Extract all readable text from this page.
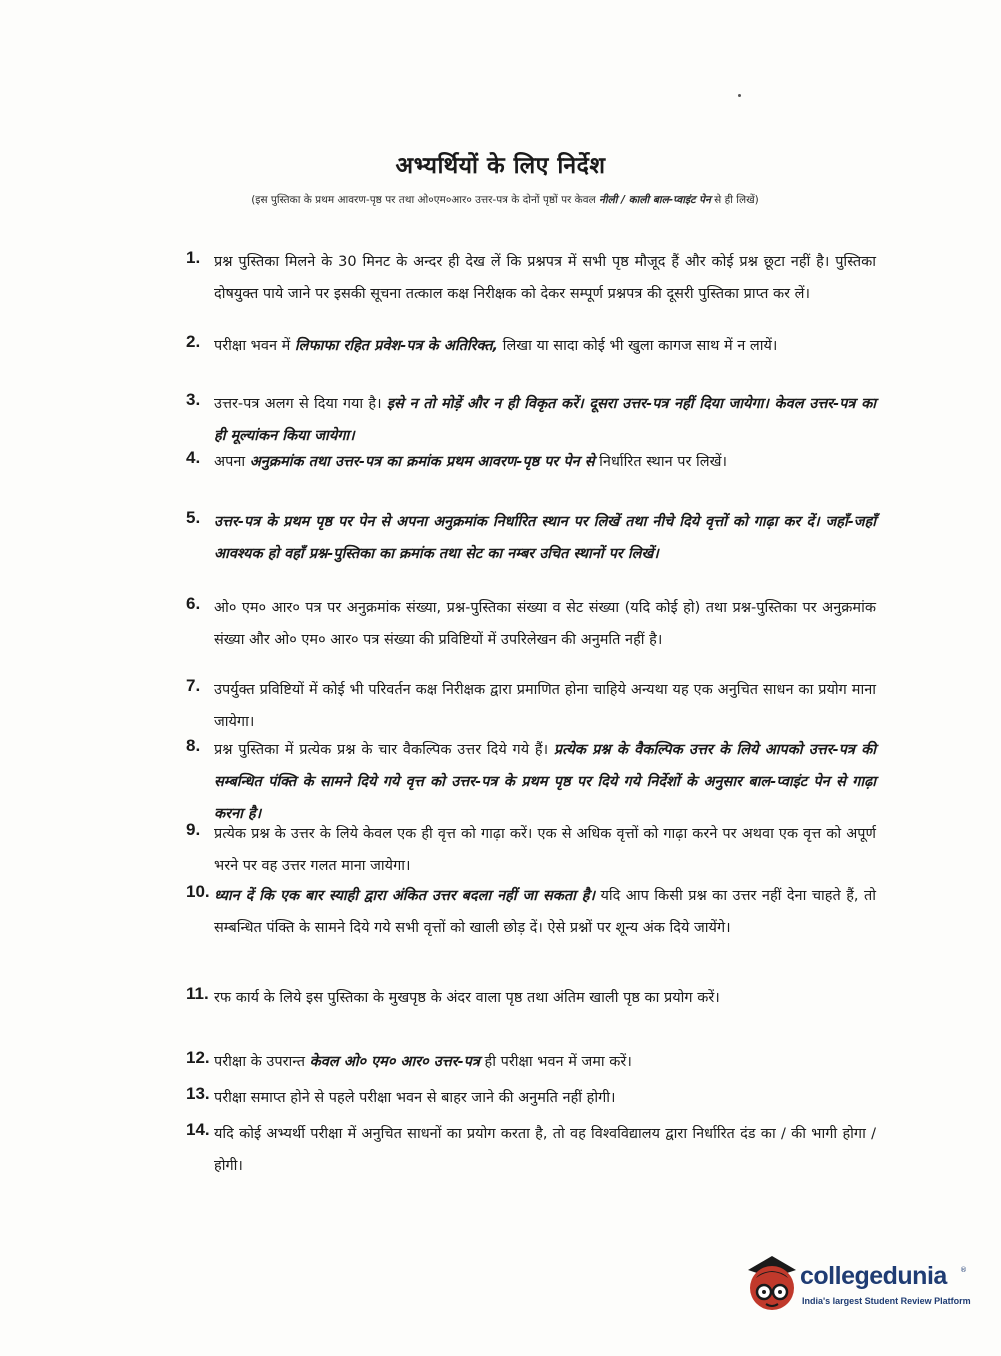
अभ्यर्थियों के लिए निर्देश
(इस पुस्तिका के प्रथम आवरण-पृष्ठ पर तथा ओ०एम०आर० उत्तर-पत्र के दोनों पृष्ठों पर केवल नीली / काली बाल-प्वाइंट पेन से ही लिखें)
1. प्रश्न पुस्तिका मिलने के 30 मिनट के अन्दर ही देख लें कि प्रश्नपत्र में सभी पृष्ठ मौजूद हैं और कोई प्रश्न छूटा नहीं है। पुस्तिका दोषयुक्त पाये जाने पर इसकी सूचना तत्काल कक्ष निरीक्षक को देकर सम्पूर्ण प्रश्नपत्र की दूसरी पुस्तिका प्राप्त कर लें।
2. परीक्षा भवन में लिफाफा रहित प्रवेश-पत्र के अतिरिक्त, लिखा या सादा कोई भी खुला कागज साथ में न लायें।
3. उत्तर-पत्र अलग से दिया गया है। इसे न तो मोड़ें और न ही विकृत करें। दूसरा उत्तर-पत्र नहीं दिया जायेगा। केवल उत्तर-पत्र का ही मूल्यांकन किया जायेगा।
4. अपना अनुक्रमांक तथा उत्तर-पत्र का क्रमांक प्रथम आवरण-पृष्ठ पर पेन से निर्धारित स्थान पर लिखें।
5. उत्तर-पत्र के प्रथम पृष्ठ पर पेन से अपना अनुक्रमांक निर्धारित स्थान पर लिखें तथा नीचे दिये वृत्तों को गाढ़ा कर दें। जहाँ-जहाँ आवश्यक हो वहाँ प्रश्न-पुस्तिका का क्रमांक तथा सेट का नम्बर उचित स्थानों पर लिखें।
6. ओ० एम० आर० पत्र पर अनुक्रमांक संख्या, प्रश्न-पुस्तिका संख्या व सेट संख्या (यदि कोई हो) तथा प्रश्न-पुस्तिका पर अनुक्रमांक संख्या और ओ० एम० आर० पत्र संख्या की प्रविष्टियों में उपरिलेखन की अनुमति नहीं है।
7. उपर्युक्त प्रविष्टियों में कोई भी परिवर्तन कक्ष निरीक्षक द्वारा प्रमाणित होना चाहिये अन्यथा यह एक अनुचित साधन का प्रयोग माना जायेगा।
8. प्रश्न पुस्तिका में प्रत्येक प्रश्न के चार वैकल्पिक उत्तर दिये गये हैं। प्रत्येक प्रश्न के वैकल्पिक उत्तर के लिये आपको उत्तर-पत्र की सम्बन्धित पंक्ति के सामने दिये गये वृत्त को उत्तर-पत्र के प्रथम पृष्ठ पर दिये गये निर्देशों के अनुसार बाल-प्वाइंट पेन से गाढ़ा करना है।
9. प्रत्येक प्रश्न के उत्तर के लिये केवल एक ही वृत्त को गाढ़ा करें। एक से अधिक वृत्तों को गाढ़ा करने पर अथवा एक वृत्त को अपूर्ण भरने पर वह उत्तर गलत माना जायेगा।
10. ध्यान दें कि एक बार स्याही द्वारा अंकित उत्तर बदला नहीं जा सकता है। यदि आप किसी प्रश्न का उत्तर नहीं देना चाहते हैं, तो सम्बन्धित पंक्ति के सामने दिये गये सभी वृत्तों को खाली छोड़ दें। ऐसे प्रश्नों पर शून्य अंक दिये जायेंगे।
11. रफ कार्य के लिये इस पुस्तिका के मुखपृष्ठ के अंदर वाला पृष्ठ तथा अंतिम खाली पृष्ठ का प्रयोग करें।
12. परीक्षा के उपरान्त केवल ओ० एम० आर० उत्तर-पत्र ही परीक्षा भवन में जमा करें।
13. परीक्षा समाप्त होने से पहले परीक्षा भवन से बाहर जाने की अनुमति नहीं होगी।
14. यदि कोई अभ्यर्थी परीक्षा में अनुचित साधनों का प्रयोग करता है, तो वह विश्वविद्यालय द्वारा निर्धारित दंड का / की भागी होगा / होगी।
collegedunia ®
India's largest Student Review Platform
